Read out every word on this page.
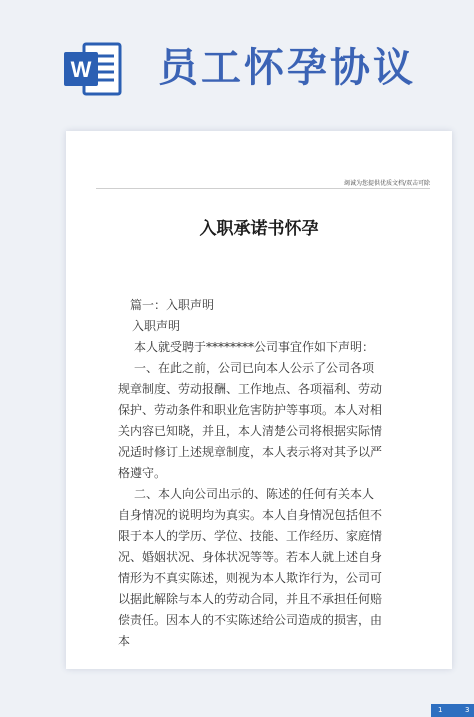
W 员工怀孕协议
竭诚为您提供优质文档/双击可除
入职承诺书怀孕

篇一：入职声明

入职声明

本人就受聘于********公司事宜作如下声明：

一、在此之前，公司已向本人公示了公司各项规章制度、劳动报酬、工作地点、各项福利、劳动保护、劳动条件和职业危害防护等事项。本人对相关内容已知晓，并且，本人清楚公司将根据实际情况适时修订上述规章制度，本人表示将对其予以严格遵守。

二、本人向公司出示的、陈述的任何有关本人自身情况的说明均为真实。本人自身情况包括但不限于本人的学历、学位、技能、工作经历、家庭情况、婚姻状况、身体状况等等。若本人就上述自身情形为不真实陈述，则视为本人欺诈行为，公司可以据此解除与本人的劳动合同，并且不承担任何赔偿责任。因本人的不实陈述给公司造成的损害，由本

1	3
